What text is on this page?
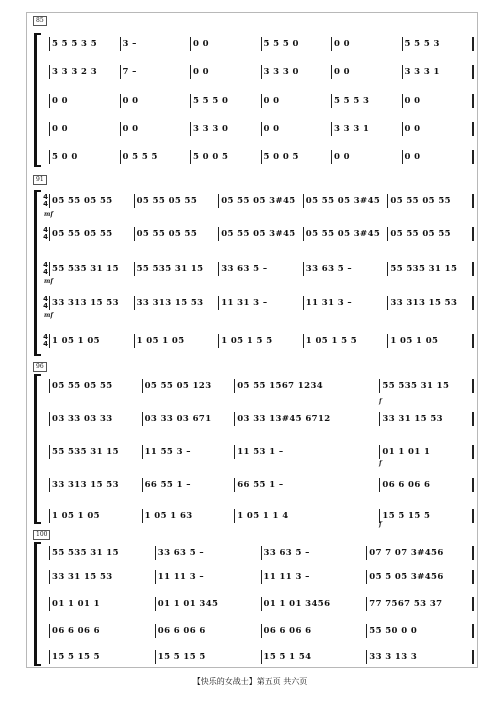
85
5 5 5 3 5	3 –	0 0	5 5 5 0	0 0	5 5 5 3
3 3 3 2 3	7 –	0 0	3 3 3 0	0 0	3 3 3 1
0 0	0 0	5 5 5 0	0 0	5 5 5 3	0 0
0 0	0 0	3 3 3 0	0 0	3 3 3 1	0 0
5 0 0	0 5 5 5	5 0 0 5	5 0 0 5	0 0	0 0
91
4 4 05 55 05 55	05 55 05 55	05 55 05 3#45	05 55 05 3#45	05 55 05 55
mf
4 4 05 55 05 55	05 55 05 55	05 55 05 3#45	05 55 05 3#45	05 55 05 55
4 4 55 535 31 15	55 535 31 15	33 63 5 –	33 63 5 –	55 535 31 15
mf
4 4 33 313 15 53	33 313 15 53	11 31 3 –	11 31 3 –	33 313 15 53
mf
4 4 1 05 1 05	1 05 1 05	1 05 1 5 5	1 05 1 5 5	1 05 1 05
96
05 55 05 55	05 55 05 123	05 55 1567 1234	55 535 31 15
03 33 03 33	03 33 03 671	03 33 13#45 6712	33 31 15 53
f
55 535 31 15	11 55 3 –	11 53 1 –	01 1 01 1
f
33 313 15 53	66 55 1 –	66 55 1 –	06 6 06 6
1 05 1 05	1 05 1 63	1 05 1 1 4	15 5 15 5
f
100
55 535 31 15	33 63 5 –	33 63 5 –	07 7 07 3#456
33 31 15 53	11 11 3 –	11 11 3 –	05 5 05 3#456
01 1 01 1	01 1 01 345	01 1 01 3456	77 7567 53 37
06 6 06 6	06 6 06 6	06 6 06 6	55 50 0 0
15 5 15 5	15 5 15 5	15 5 1 54	33 3 13 3
【快乐的女战士】第五页 共六页
